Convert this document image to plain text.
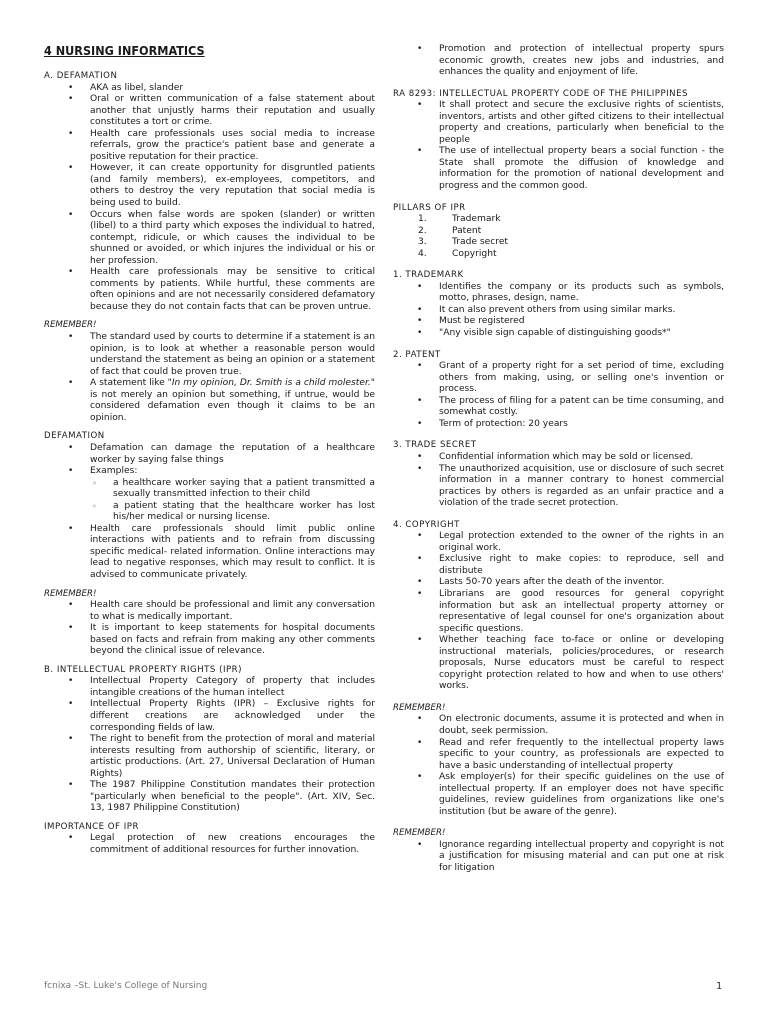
4 NURSING INFORMATICS
A. DEFAMATION
• AKA as libel, slander
• Oral or written communication of a false statement about another that unjustly harms their reputation and usually constitutes a tort or crime.
• Health care professionals uses social media to increase referrals, grow the practice's patient base and generate a positive reputation for their practice.
• However, it can create opportunity for disgruntled patients (and family members), ex-employees, competitors, and others to destroy the very reputation that social media is being used to build.
• Occurs when false words are spoken (slander) or written (libel) to a third party which exposes the individual to hatred, contempt, ridicule, or which causes the individual to be shunned or avoided, or which injures the individual or his or her profession.
• Health care professionals may be sensitive to critical comments by patients. While hurtful, these comments are often opinions and are not necessarily considered defamatory because they do not contain facts that can be proven untrue.
REMEMBER!
• The standard used by courts to determine if a statement is an opinion, is to look at whether a reasonable person would understand the statement as being an opinion or a statement of fact that could be proven true.
• A statement like "In my opinion, Dr. Smith is a child molester." is not merely an opinion but something, if untrue, would be considered defamation even though it claims to be an opinion.
DEFAMATION
• Defamation can damage the reputation of a healthcare worker by saying false things
• Examples:
◦ a healthcare worker saying that a patient transmitted a sexually transmitted infection to their child
◦ a patient stating that the healthcare worker has lost his/her medical or nursing license.
• Health care professionals should limit public online interactions with patients and to refrain from discussing specific medical- related information. Online interactions may lead to negative responses, which may result to conflict. It is advised to communicate privately.
REMEMBER!
• Health care should be professional and limit any conversation to what is medically important.
• It is important to keep statements for hospital documents based on facts and refrain from making any other comments beyond the clinical issue of relevance.
B. INTELLECTUAL PROPERTY RIGHTS (IPR)
• Intellectual Property Category of property that includes intangible creations of the human intellect
• Intellectual Property Rights (IPR) – Exclusive rights for different creations are acknowledged under the corresponding fields of law.
• The right to benefit from the protection of moral and material interests resulting from authorship of scientific, literary, or artistic productions. (Art. 27, Universal Declaration of Human Rights)
• The 1987 Philippine Constitution mandates their protection "particularly when beneficial to the people". (Art. XIV, Sec. 13, 1987 Philippine Constitution)
IMPORTANCE OF IPR
• Legal protection of new creations encourages the commitment of additional resources for further innovation.
• Promotion and protection of intellectual property spurs economic growth, creates new jobs and industries, and enhances the quality and enjoyment of life.
RA 8293: INTELLECTUAL PROPERTY CODE OF THE PHILIPPINES
• It shall protect and secure the exclusive rights of scientists, inventors, artists and other gifted citizens to their intellectual property and creations, particularly when beneficial to the people
• The use of intellectual property bears a social function - the State shall promote the diffusion of knowledge and information for the promotion of national development and progress and the common good.
PILLARS OF IPR
1.	Trademark
2.	Patent
3.	Trade secret
4.	Copyright
1. TRADEMARK
• Identifies the company or its products such as symbols, motto, phrases, design, name.
• It can also prevent others from using similar marks.
• Must be registered
• "Any visible sign capable of distinguishing goods*"
2. PATENT
• Grant of a property right for a set period of time, excluding others from making, using, or selling one's invention or process.
• The process of filing for a patent can be time consuming, and somewhat costly.
• Term of protection: 20 years
3. TRADE SECRET
• Confidential information which may be sold or licensed.
• The unauthorized acquisition, use or disclosure of such secret information in a manner contrary to honest commercial practices by others is regarded as an unfair practice and a violation of the trade secret protection.
4. COPYRIGHT
• Legal protection extended to the owner of the rights in an original work.
• Exclusive right to make copies: to reproduce, sell and distribute
• Lasts 50-70 years after the death of the inventor.
• Librarians are good resources for general copyright information but ask an intellectual property attorney or representative of legal counsel for one's organization about specific questions.
• Whether teaching face to-face or online or developing instructional materials, policies/procedures, or research proposals, Nurse educators must be careful to respect copyright protection related to how and when to use others' works.
REMEMBER!
• On electronic documents, assume it is protected and when in doubt, seek permission.
• Read and refer frequently to the intellectual property laws specific to your country, as professionals are expected to have a basic understanding of intellectual property
• Ask employer(s) for their specific guidelines on the use of intellectual property. If an employer does not have specific guidelines, review guidelines from organizations like one's institution (but be aware of the genre).
REMEMBER!
• Ignorance regarding intellectual property and copyright is not a justification for misusing material and can put one at risk for litigation
fcnixa –St. Luke's College of Nursing	1
